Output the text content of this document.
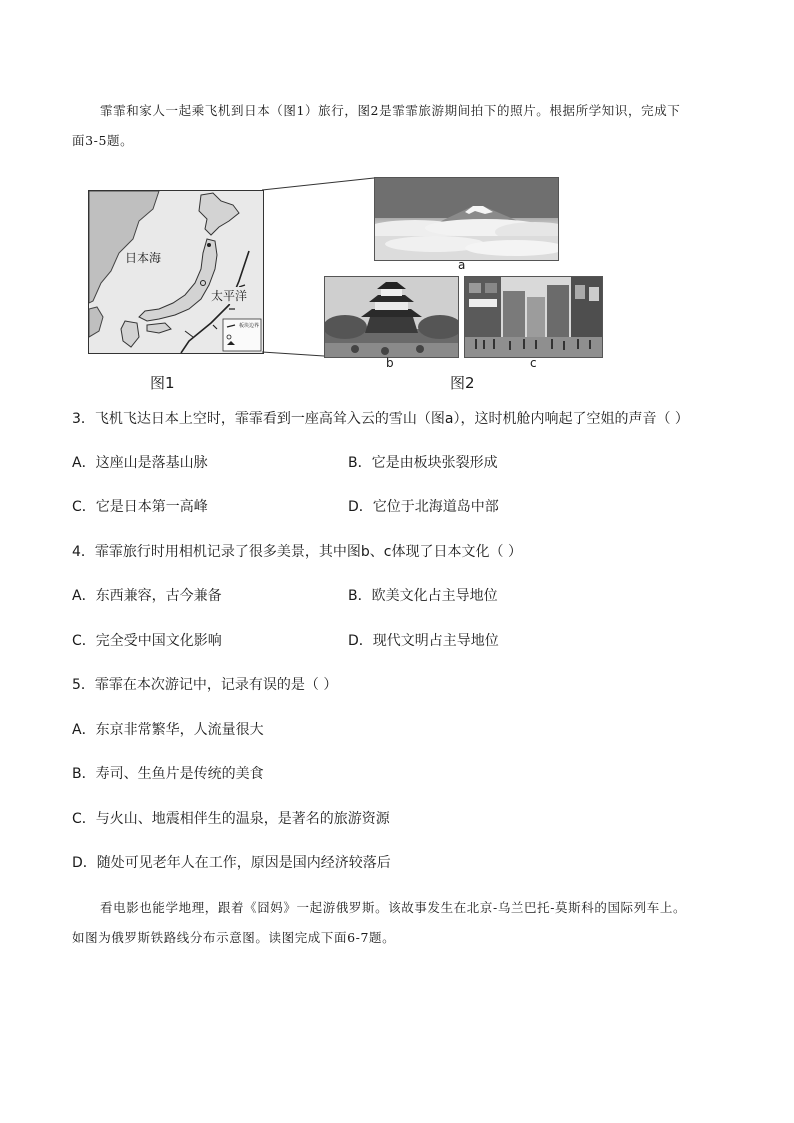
霏霏和家人一起乘飞机到日本（图1）旅行，图2是霏霏旅游期间拍下的照片。根据所学知识，完成下
面3-5题。
日本海
太平洋
板块边界
a
b	c
图1	图2
3．飞机飞达日本上空时，霏霏看到一座高耸入云的雪山（图a），这时机舱内响起了空姐的声音（ ）
A．这座山是落基山脉	B．它是由板块张裂形成
C．它是日本第一高峰	D．它位于北海道岛中部
4．霏霏旅行时用相机记录了很多美景，其中图b、c体现了日本文化（ ）
A．东西兼容，古今兼备	B．欧美文化占主导地位
C．完全受中国文化影响	D．现代文明占主导地位
5．霏霏在本次游记中，记录有误的是（ ）
A．东京非常繁华，人流量很大
B．寿司、生鱼片是传统的美食
C．与火山、地震相伴生的温泉，是著名的旅游资源
D．随处可见老年人在工作，原因是国内经济较落后
看电影也能学地理，跟着《囧妈》一起游俄罗斯。该故事发生在北京-乌兰巴托-莫斯科的国际列车上。
如图为俄罗斯铁路线分布示意图。读图完成下面6-7题。
